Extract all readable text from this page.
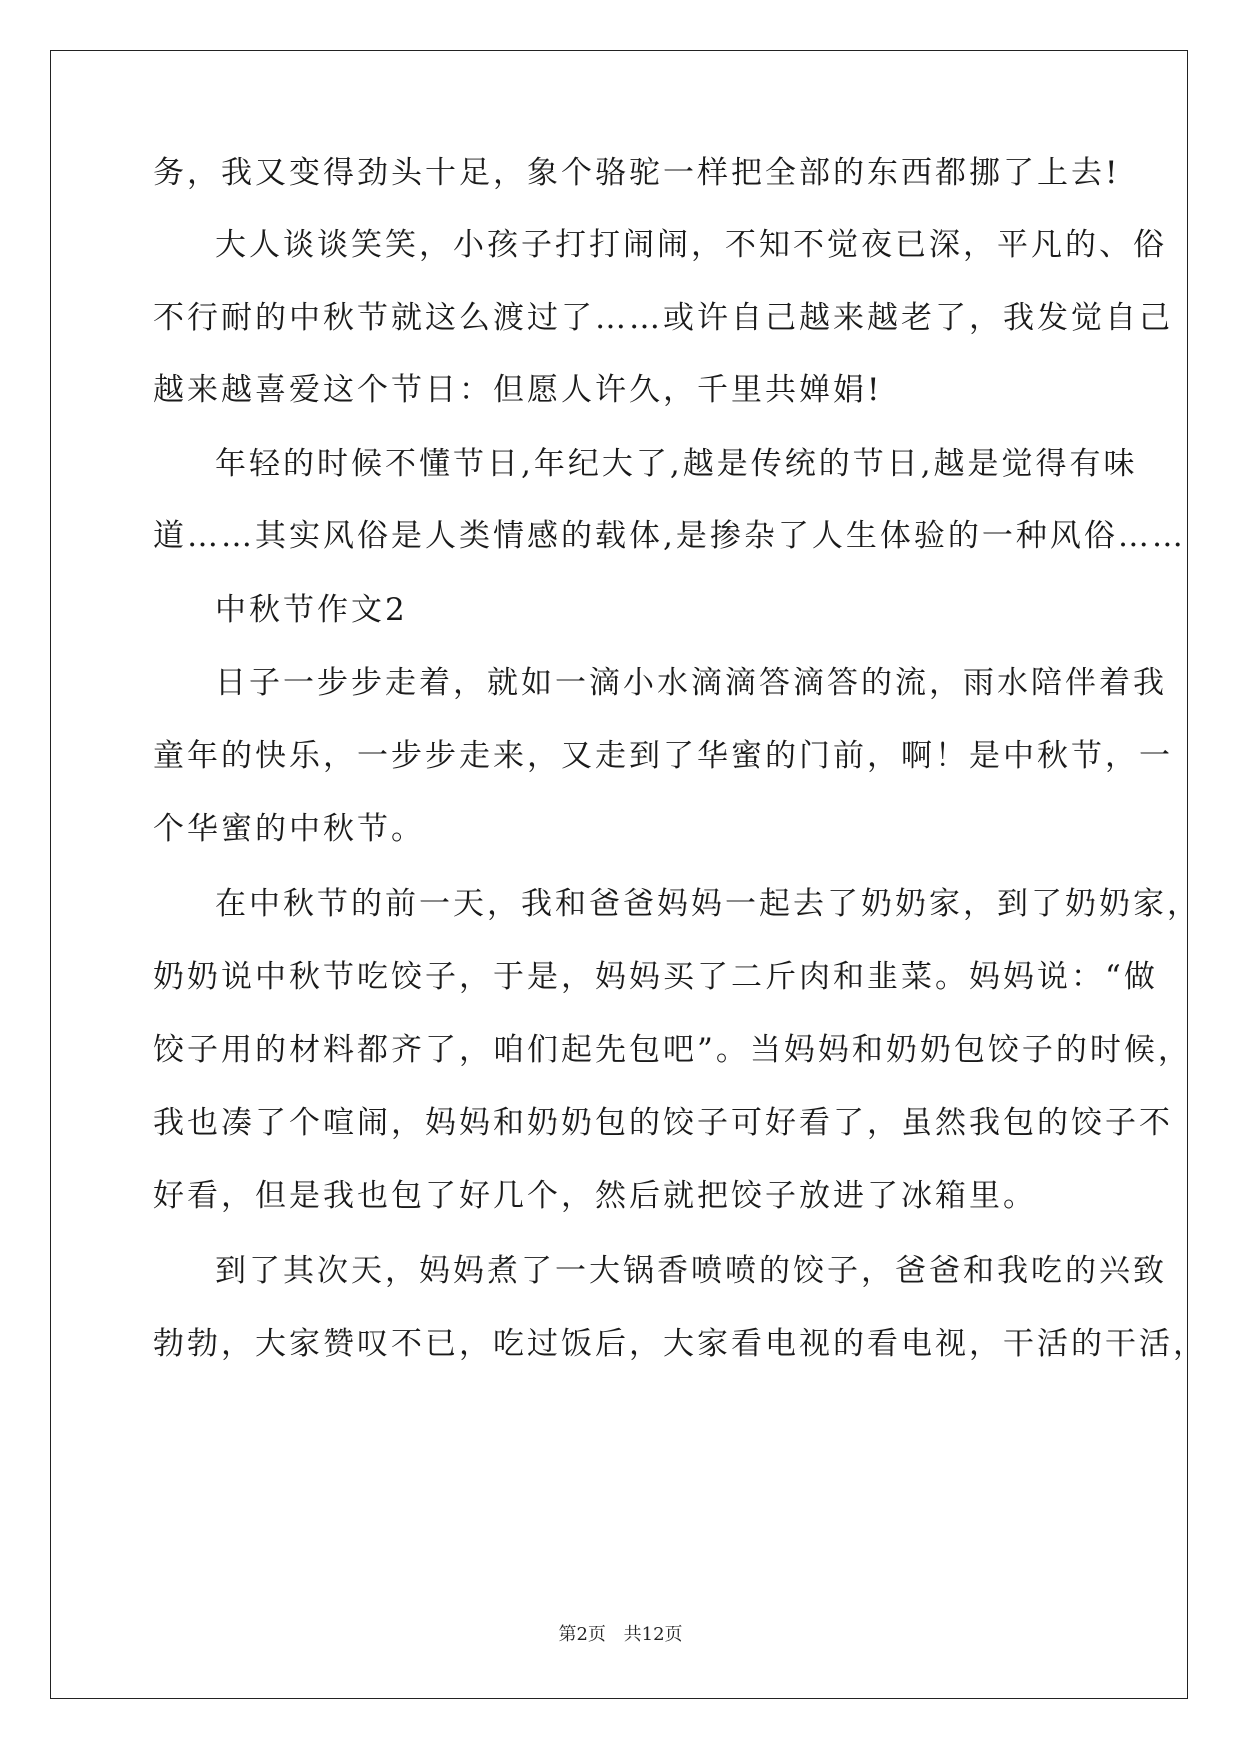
务，我又变得劲头十足，象个骆驼一样把全部的东西都挪了上去!
大人谈谈笑笑，小孩子打打闹闹，不知不觉夜已深，平凡的、俗
不行耐的中秋节就这么渡过了……或许自己越来越老了，我发觉自己
越来越喜爱这个节日：但愿人许久，千里共婵娟!
年轻的时候不懂节日,年纪大了,越是传统的节日,越是觉得有味
道……其实风俗是人类情感的载体,是掺杂了人生体验的一种风俗……
中秋节作文2
日子一步步走着，就如一滴小水滴滴答滴答的流，雨水陪伴着我
童年的快乐，一步步走来，又走到了华蜜的门前，啊！是中秋节，一
个华蜜的中秋节。
在中秋节的前一天，我和爸爸妈妈一起去了奶奶家，到了奶奶家，
奶奶说中秋节吃饺子，于是，妈妈买了二斤肉和韭菜。妈妈说：“做
饺子用的材料都齐了，咱们起先包吧”。当妈妈和奶奶包饺子的时候，
我也凑了个喧闹，妈妈和奶奶包的饺子可好看了，虽然我包的饺子不
好看，但是我也包了好几个，然后就把饺子放进了冰箱里。
到了其次天，妈妈煮了一大锅香喷喷的饺子，爸爸和我吃的兴致
勃勃，大家赞叹不已，吃过饭后，大家看电视的看电视，干活的干活，
第2页 共12页
